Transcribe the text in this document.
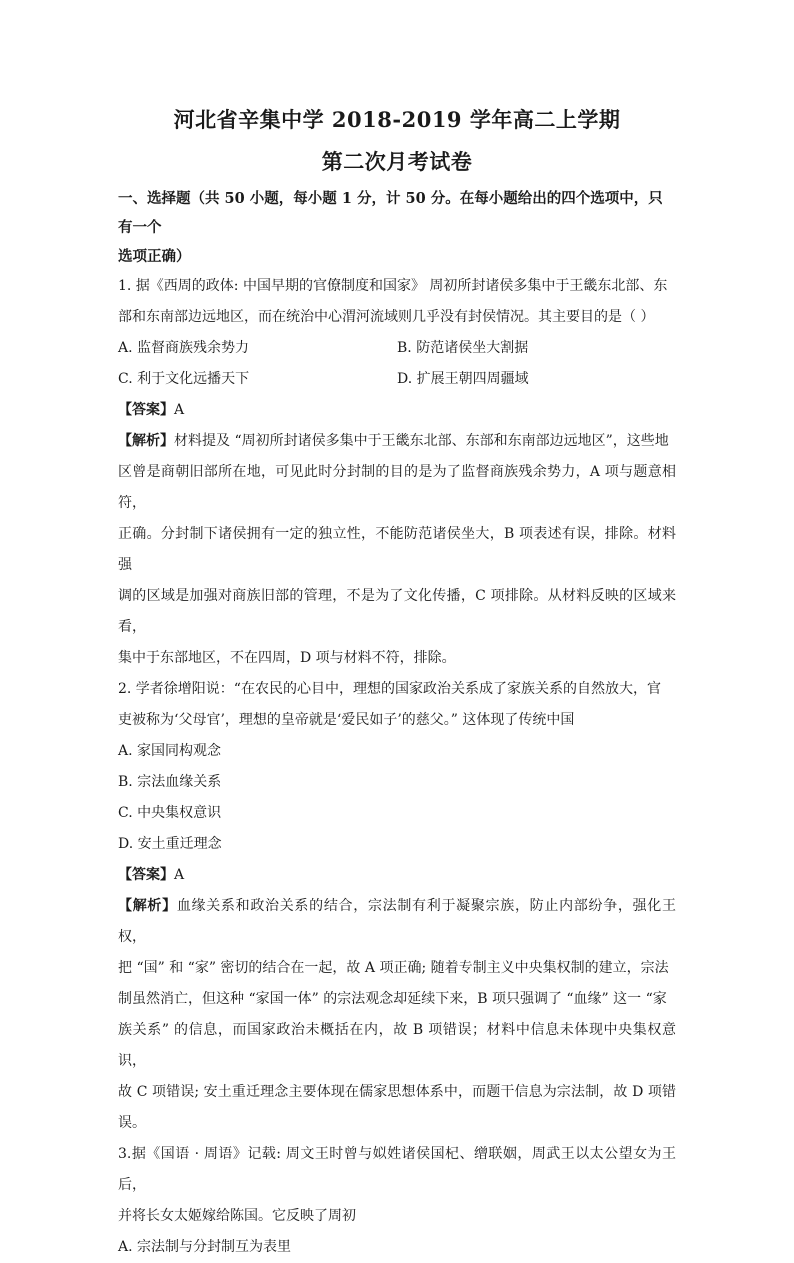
河北省辛集中学 2018-2019 学年高二上学期
第二次月考试卷

一、选择题（共 50 小题，每小题 1 分，计 50 分。在每小题给出的四个选项中，只有一个

选项正确）

1. 据《西周的政体: 中国早期的官僚制度和国家》 周初所封诸侯多集中于王畿东北部、东

部和东南部边远地区，而在统治中心渭河流域则几乎没有封侯情况。其主要目的是（ ）

A. 监督商族残余势力	B. 防范诸侯坐大割据
C. 利于文化远播天下	D. 扩展王朝四周疆域

【答案】A

【解析】材料提及 “周初所封诸侯多集中于王畿东北部、东部和东南部边远地区”，这些地

区曾是商朝旧部所在地，可见此时分封制的目的是为了监督商族残余势力，A 项与题意相符，

正确。分封制下诸侯拥有一定的独立性，不能防范诸侯坐大，B 项表述有误，排除。材料强

调的区域是加强对商族旧部的管理，不是为了文化传播，C 项排除。从材料反映的区域来看，

集中于东部地区，不在四周，D 项与材料不符，排除。

2. 学者徐增阳说：“在农民的心目中，理想的国家政治关系成了家族关系的自然放大，官

吏被称为‘父母官’，理想的皇帝就是‘爱民如子’的慈父。” 这体现了传统中国

A. 家国同构观念

B. 宗法血缘关系

C. 中央集权意识

D. 安土重迁理念

【答案】A

【解析】血缘关系和政治关系的结合，宗法制有利于凝聚宗族，防止内部纷争，强化王权，

把 “国” 和 “家” 密切的结合在一起，故 A 项正确; 随着专制主义中央集权制的建立，宗法

制虽然消亡，但这种 “家国一体” 的宗法观念却延续下来，B 项只强调了 “血缘” 这一 “家

族关系” 的信息，而国家政治未概括在内，故 B 项错误；材料中信息未体现中央集权意识，

故 C 项错误; 安土重迁理念主要体现在儒家思想体系中，而题干信息为宗法制，故 D 项错误。

3.据《国语 · 周语》记载: 周文王时曾与姒姓诸侯国杞、缯联姻，周武王以太公望女为王后，

并将长女太姬嫁给陈国。它反映了周初

A. 宗法制与分封制互为表里
